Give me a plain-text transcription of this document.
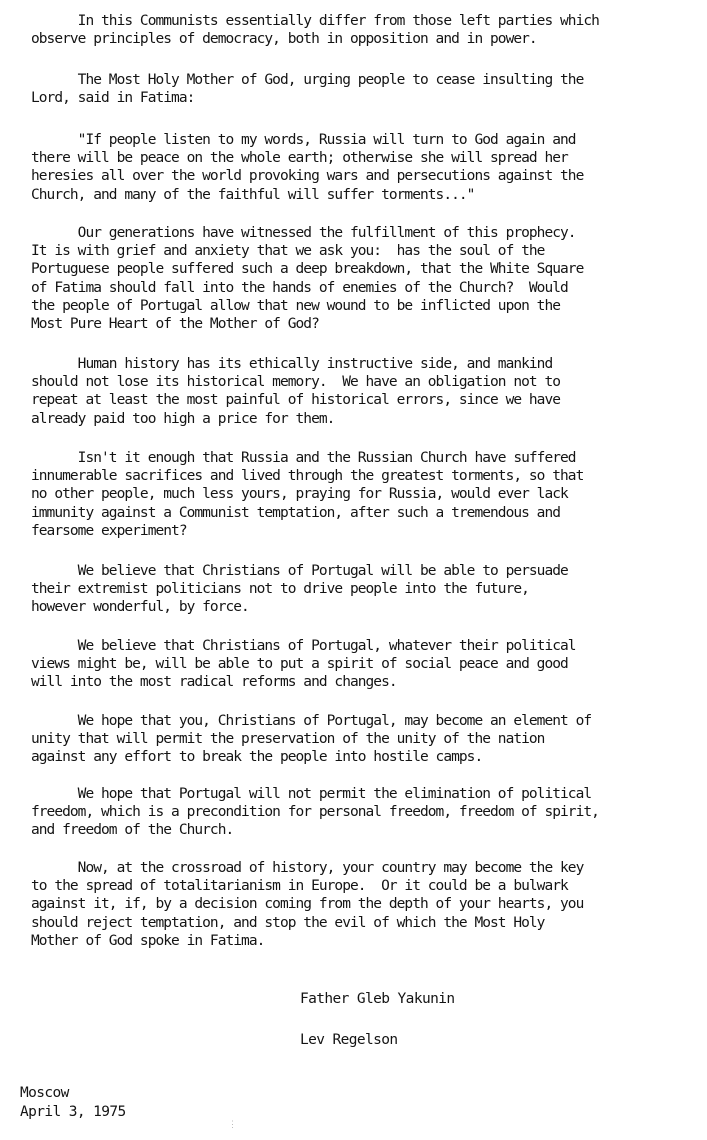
In this Communists essentially differ from those left parties which
observe principles of democracy, both in opposition and in power.
The Most Holy Mother of God, urging people to cease insulting the
Lord, said in Fatima:
"If people listen to my words, Russia will turn to God again and
there will be peace on the whole earth; otherwise she will spread her
heresies all over the world provoking wars and persecutions against the
Church, and many of the faithful will suffer torments..."
Our generations have witnessed the fulfillment of this prophecy.
It is with grief and anxiety that we ask you:  has the soul of the
Portuguese people suffered such a deep breakdown, that the White Square
of Fatima should fall into the hands of enemies of the Church?  Would
the people of Portugal allow that new wound to be inflicted upon the
Most Pure Heart of the Mother of God?
Human history has its ethically instructive side, and mankind
should not lose its historical memory.  We have an obligation not to
repeat at least the most painful of historical errors, since we have
already paid too high a price for them.
Isn't it enough that Russia and the Russian Church have suffered
innumerable sacrifices and lived through the greatest torments, so that
no other people, much less yours, praying for Russia, would ever lack
immunity against a Communist temptation, after such a tremendous and
fearsome experiment?
We believe that Christians of Portugal will be able to persuade
their extremist politicians not to drive people into the future,
however wonderful, by force.
We believe that Christians of Portugal, whatever their political
views might be, will be able to put a spirit of social peace and good
will into the most radical reforms and changes.
We hope that you, Christians of Portugal, may become an element of
unity that will permit the preservation of the unity of the nation
against any effort to break the people into hostile camps.
We hope that Portugal will not permit the elimination of political
freedom, which is a precondition for personal freedom, freedom of spirit,
and freedom of the Church.
Now, at the crossroad of history, your country may become the key
to the spread of totalitarianism in Europe.  Or it could be a bulwark
against it, if, by a decision coming from the depth of your hearts, you
should reject temptation, and stop the evil of which the Most Holy
Mother of God spoke in Fatima.
Father Gleb Yakunin
Lev Regelson
Moscow
April 3, 1975
⋮
